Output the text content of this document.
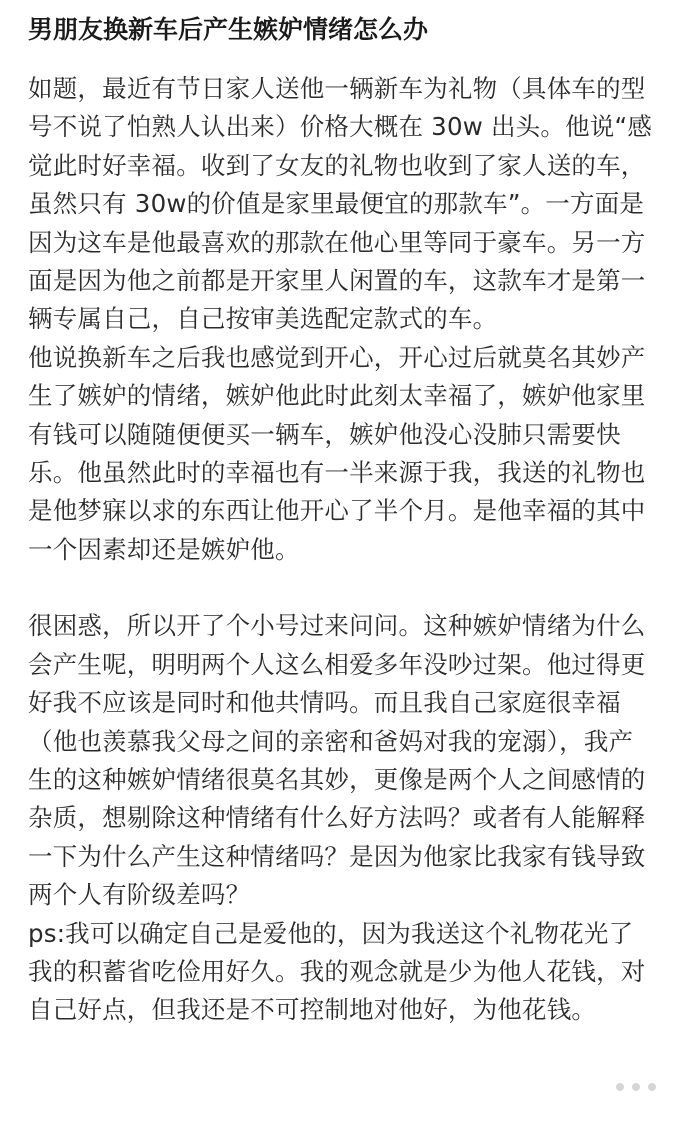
男朋友换新车后产生嫉妒情绪怎么办
如题，最近有节日家人送他一辆新车为礼物（具体车的型
号不说了怕熟人认出来）价格大概在 30w 出头。他说“感
觉此时好幸福。收到了女友的礼物也收到了家人送的车，
虽然只有 30w的价值是家里最便宜的那款车”。一方面是
因为这车是他最喜欢的那款在他心里等同于豪车。另一方
面是因为他之前都是开家里人闲置的车，这款车才是第一
辆专属自己，自己按审美选配定款式的车。
他说换新车之后我也感觉到开心，开心过后就莫名其妙产
生了嫉妒的情绪，嫉妒他此时此刻太幸福了，嫉妒他家里
有钱可以随随便便买一辆车，嫉妒他没心没肺只需要快
乐。他虽然此时的幸福也有一半来源于我，我送的礼物也
是他梦寐以求的东西让他开心了半个月。是他幸福的其中
一个因素却还是嫉妒他。
很困惑，所以开了个小号过来问问。这种嫉妒情绪为什么
会产生呢，明明两个人这么相爱多年没吵过架。他过得更
好我不应该是同时和他共情吗。而且我自己家庭很幸福
（他也羡慕我父母之间的亲密和爸妈对我的宠溺），我产
生的这种嫉妒情绪很莫名其妙，更像是两个人之间感情的
杂质，想剔除这种情绪有什么好方法吗？或者有人能解释
一下为什么产生这种情绪吗？是因为他家比我家有钱导致
两个人有阶级差吗？
ps:我可以确定自己是爱他的，因为我送这个礼物花光了
我的积蓄省吃俭用好久。我的观念就是少为他人花钱，对
自己好点，但我还是不可控制地对他好，为他花钱。
